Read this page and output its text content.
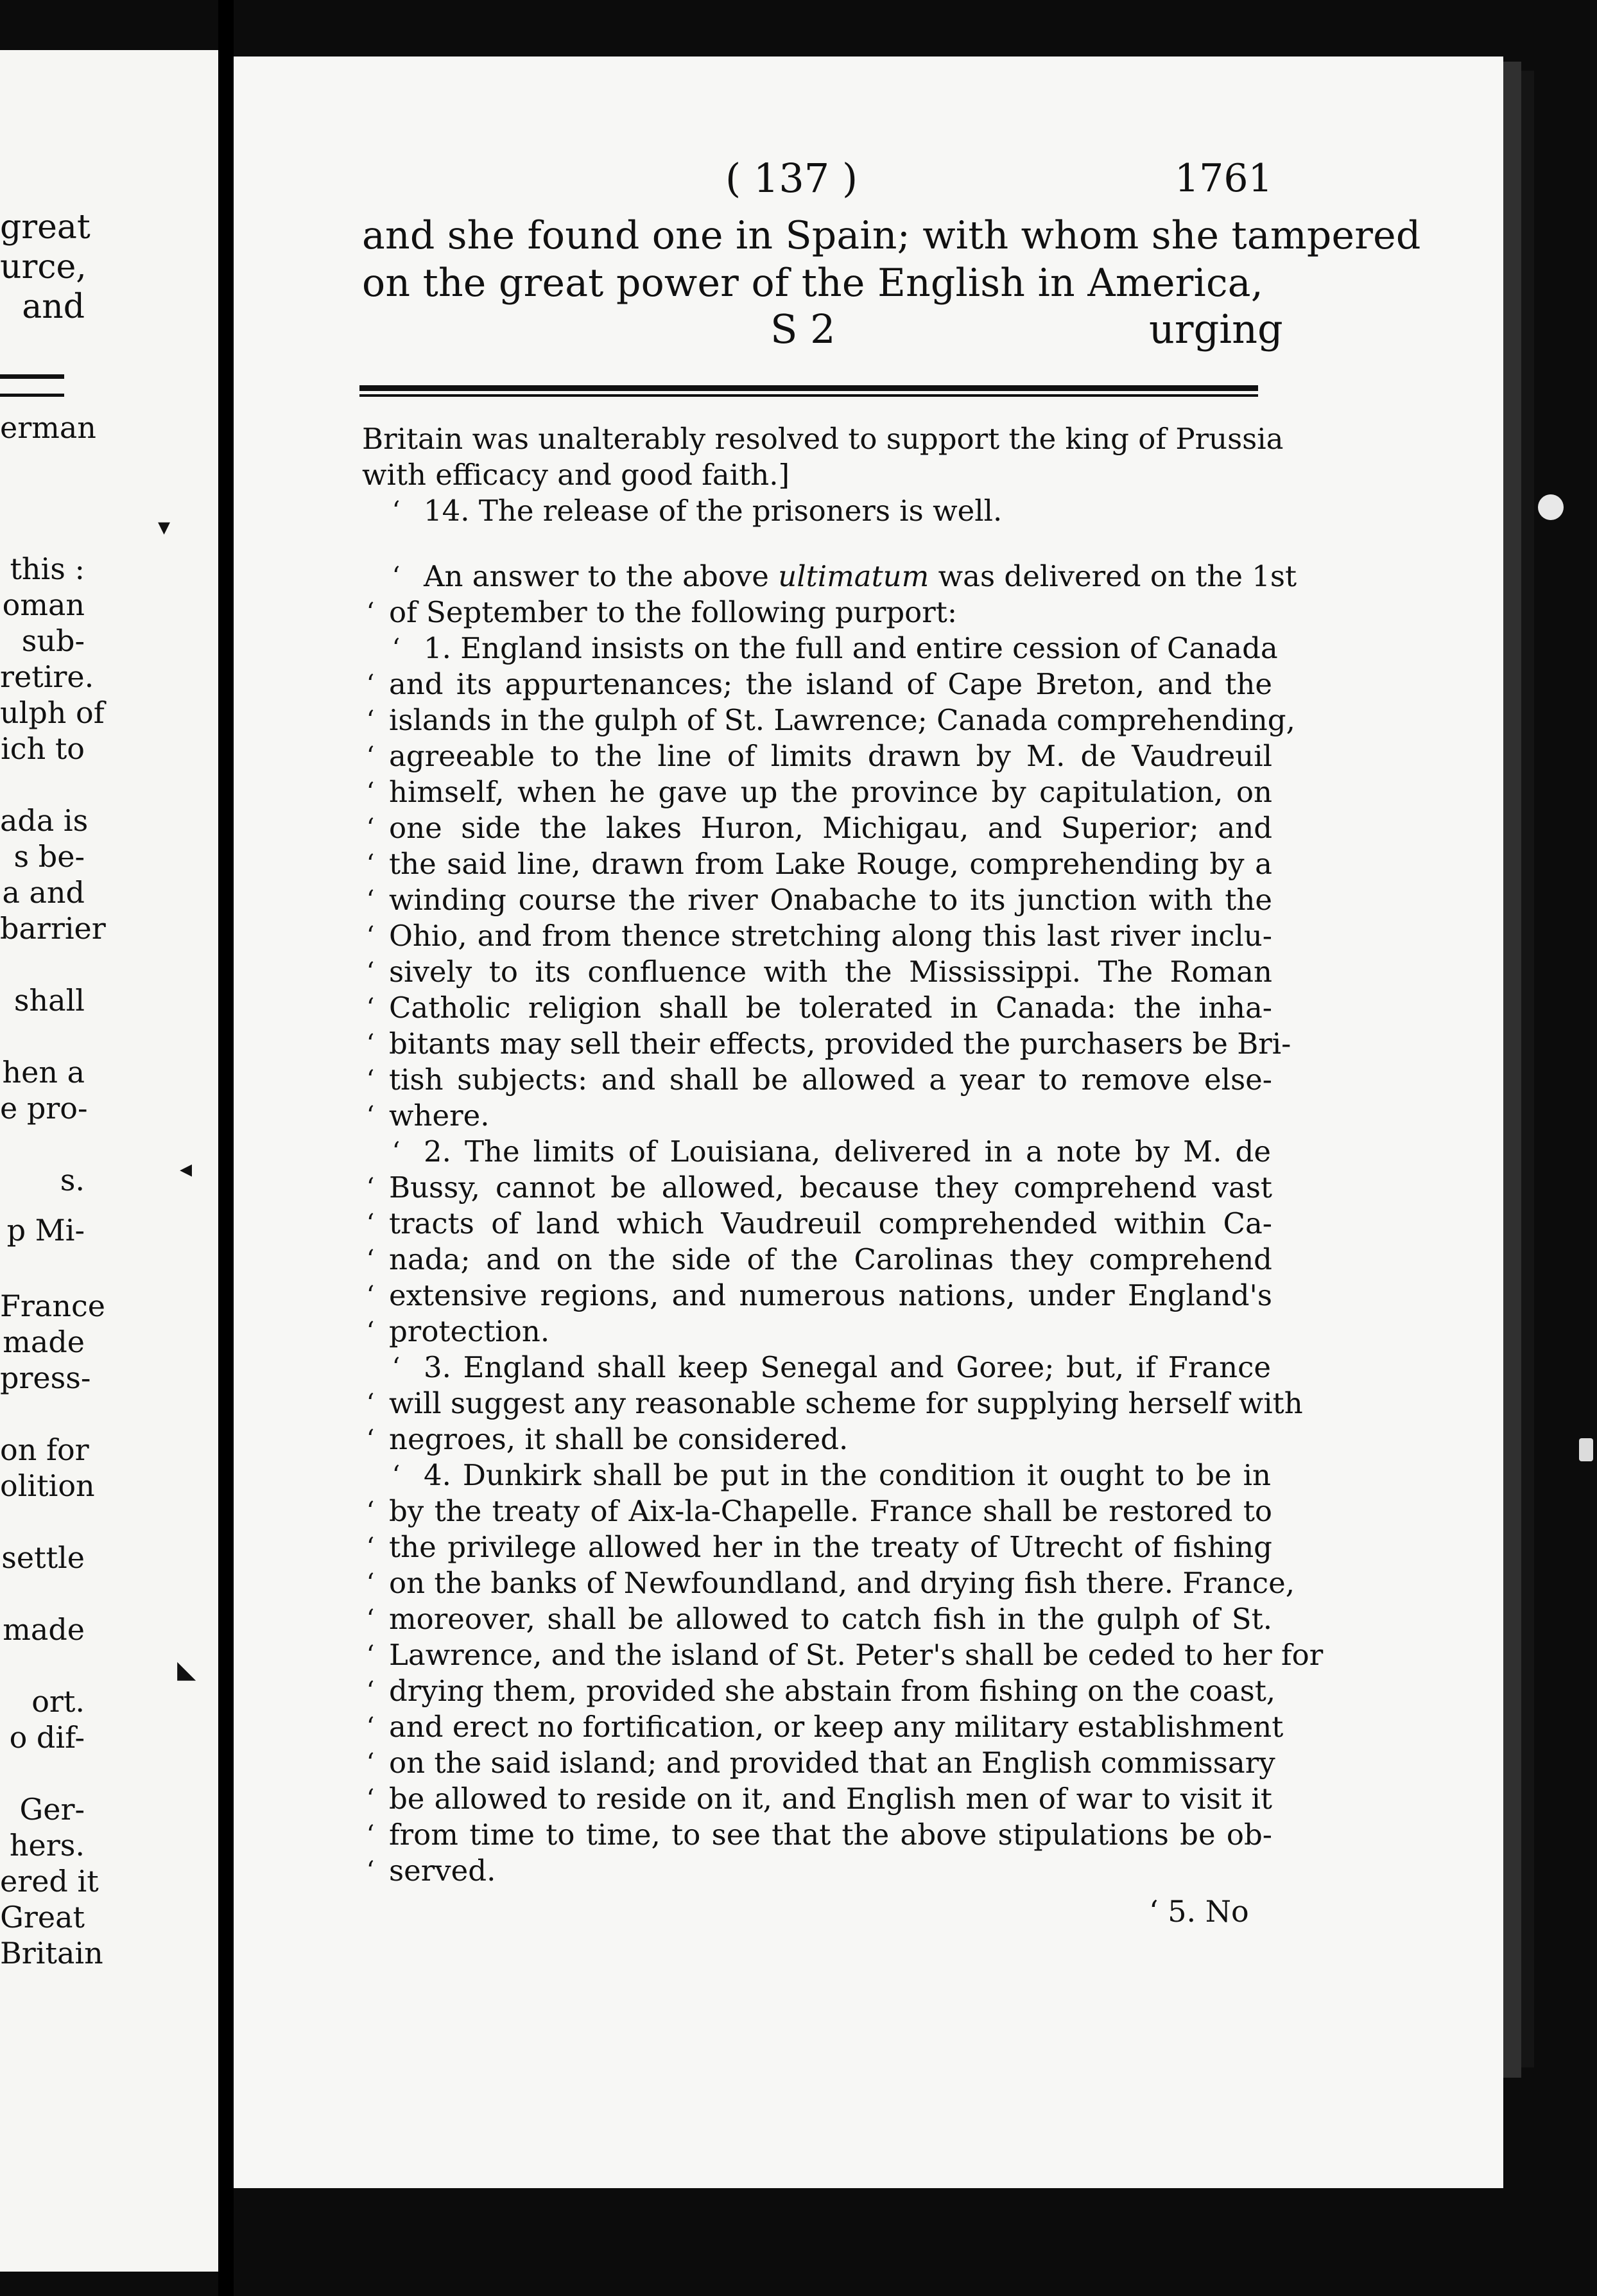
great
urce,
and
erman
this :
oman
sub-
retire.
ulph of
ich to
ada is
s be-
a and
barrier
shall
hen a
e pro-
s.
p Mi-
France
made
press-
on for
olition
settle
made
ort.
o dif-
Ger-
hers.
ered it
Great
Britain
▾
◂
◣
( 137 )	1761
and she found one in Spain; with whom she tampered
on the great power of the English in America,
S 2	urging
Britain was unalterably resolved to support the king of Prussia
with efficacy and good faith.]
‘ 14. The release of the prisoners is well.
‘ An answer to the above ultimatum was delivered on the 1st
‘ of September to the following purport:
‘ 1. England insists on the full and entire cession of Canada
‘ and its appurtenances; the island of Cape Breton, and the
‘ islands in the gulph of St. Lawrence; Canada comprehending,
‘ agreeable to the line of limits drawn by M. de Vaudreuil
‘ himself, when he gave up the province by capitulation, on
‘ one side the lakes Huron, Michigau, and Superior; and
‘ the said line, drawn from Lake Rouge, comprehending by a
‘ winding course the river Onabache to its junction with the
‘ Ohio, and from thence stretching along this last river inclu-
‘ sively to its confluence with the Mississippi. The Roman
‘ Catholic religion shall be tolerated in Canada: the inha-
‘ bitants may sell their effects, provided the purchasers be Bri-
‘ tish subjects: and shall be allowed a year to remove else-
‘ where.
‘ 2. The limits of Louisiana, delivered in a note by M. de
‘ Bussy, cannot be allowed, because they comprehend vast
‘ tracts of land which Vaudreuil comprehended within Ca-
‘ nada; and on the side of the Carolinas they comprehend
‘ extensive regions, and numerous nations, under England's
‘ protection.
‘ 3. England shall keep Senegal and Goree; but, if France
‘ will suggest any reasonable scheme for supplying herself with
‘ negroes, it shall be considered.
‘ 4. Dunkirk shall be put in the condition it ought to be in
‘ by the treaty of Aix-la-Chapelle. France shall be restored to
‘ the privilege allowed her in the treaty of Utrecht of fishing
‘ on the banks of Newfoundland, and drying fish there. France,
‘ moreover, shall be allowed to catch fish in the gulph of St.
‘ Lawrence, and the island of St. Peter's shall be ceded to her for
‘ drying them, provided she abstain from fishing on the coast,
‘ and erect no fortification, or keep any military establishment
‘ on the said island; and provided that an English commissary
‘ be allowed to reside on it, and English men of war to visit it
‘ from time to time, to see that the above stipulations be ob-
‘ served.
‘ 5. No
